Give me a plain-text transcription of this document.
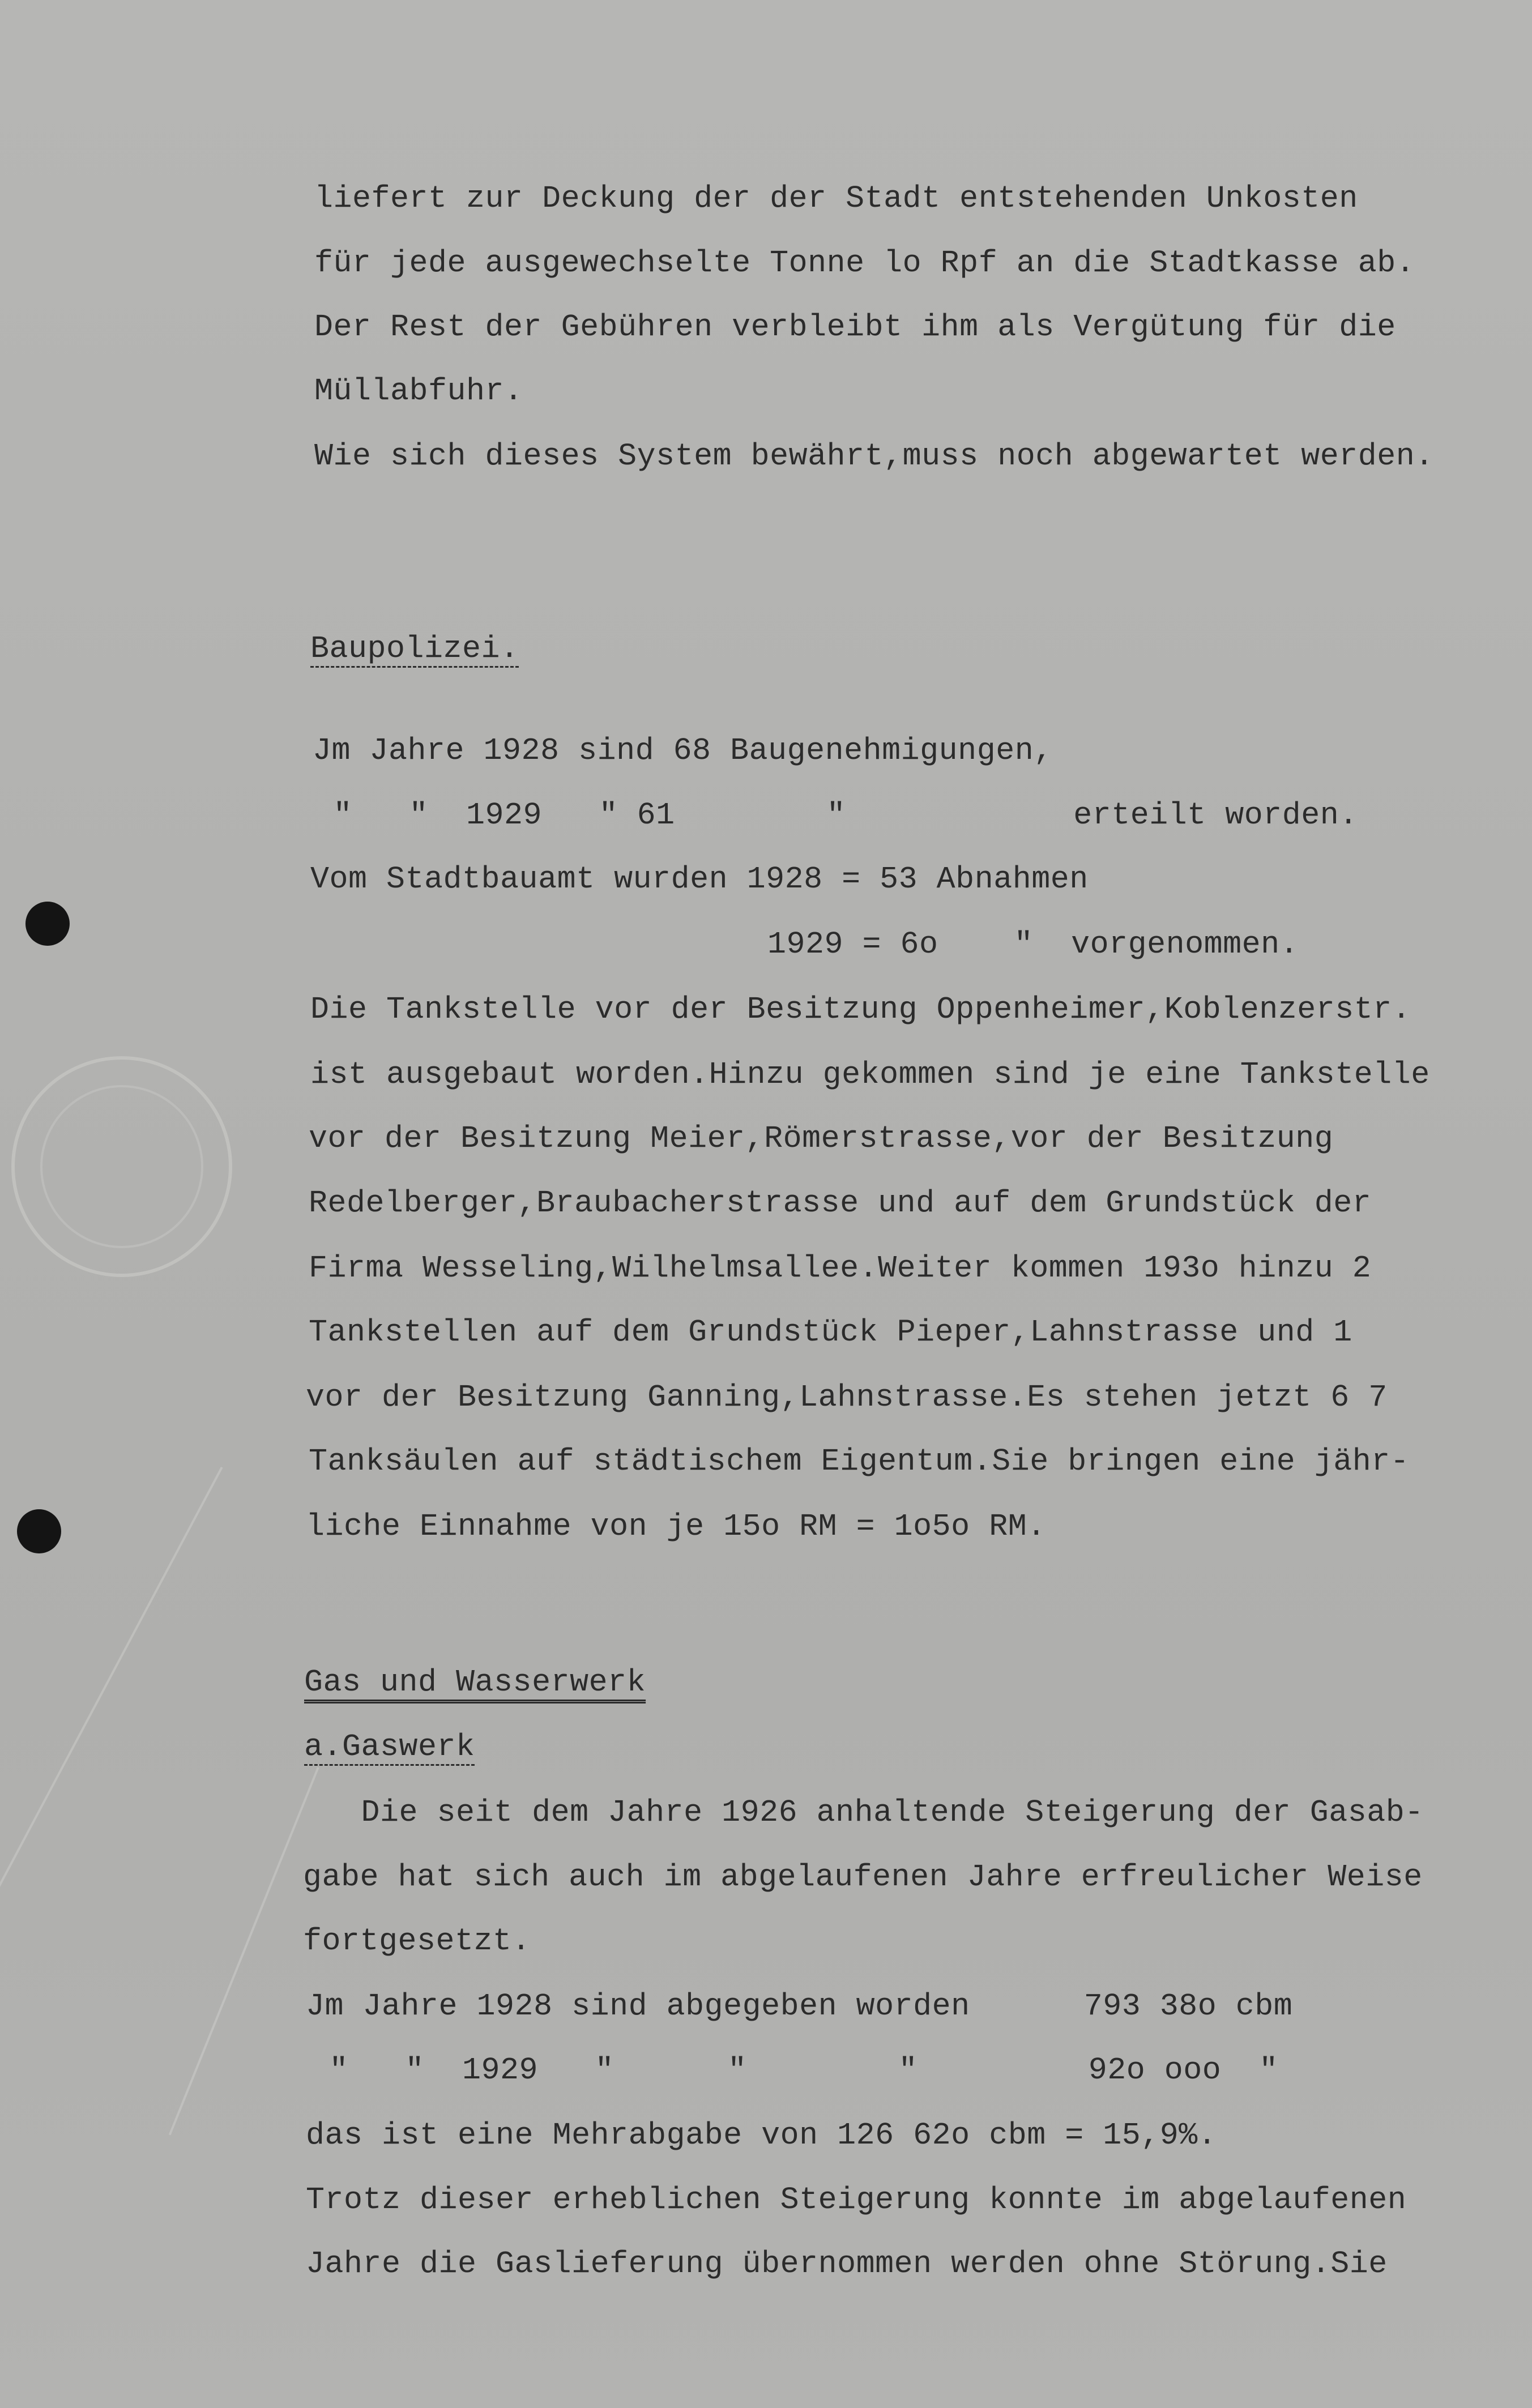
liefert zur Deckung der der Stadt entstehenden Unkosten
für jede ausgewechselte Tonne lo Rpf an die Stadtkasse ab.
Der Rest der Gebühren verbleibt ihm als Vergütung für die
Müllabfuhr.
Wie sich dieses System bewährt,muss noch abgewartet werden.
Baupolizei.
Jm Jahre 1928 sind 68 Baugenehmigungen,
"   "  1929   " 61        "            erteilt worden.
Vom Stadtbauamt wurden 1928 = 53 Abnahmen
1929 = 6o    "  vorgenommen.
Die Tankstelle vor der Besitzung Oppenheimer,Koblenzerstr.
ist ausgebaut worden.Hinzu gekommen sind je eine Tankstelle
vor der Besitzung Meier,Römerstrasse,vor der Besitzung
Redelberger,Braubacherstrasse und auf dem Grundstück der
Firma Wesseling,Wilhelmsallee.Weiter kommen 193o hinzu 2
Tankstellen auf dem Grundstück Pieper,Lahnstrasse und 1
vor der Besitzung Ganning,Lahnstrasse.Es stehen jetzt 6 7
Tanksäulen auf städtischem Eigentum.Sie bringen eine jähr-
liche Einnahme von je 15o RM = 1o5o RM.
Gas und Wasserwerk
a.Gaswerk
Die seit dem Jahre 1926 anhaltende Steigerung der Gasab-
gabe hat sich auch im abgelaufenen Jahre erfreulicher Weise
fortgesetzt.
Jm Jahre 1928 sind abgegeben worden      793 38o cbm
"   "  1929   "      "        "         92o ooo  "
das ist eine Mehrabgabe von 126 62o cbm = 15,9%.
Trotz dieser erheblichen Steigerung konnte im abgelaufenen
Jahre die Gaslieferung übernommen werden ohne Störung.Sie
